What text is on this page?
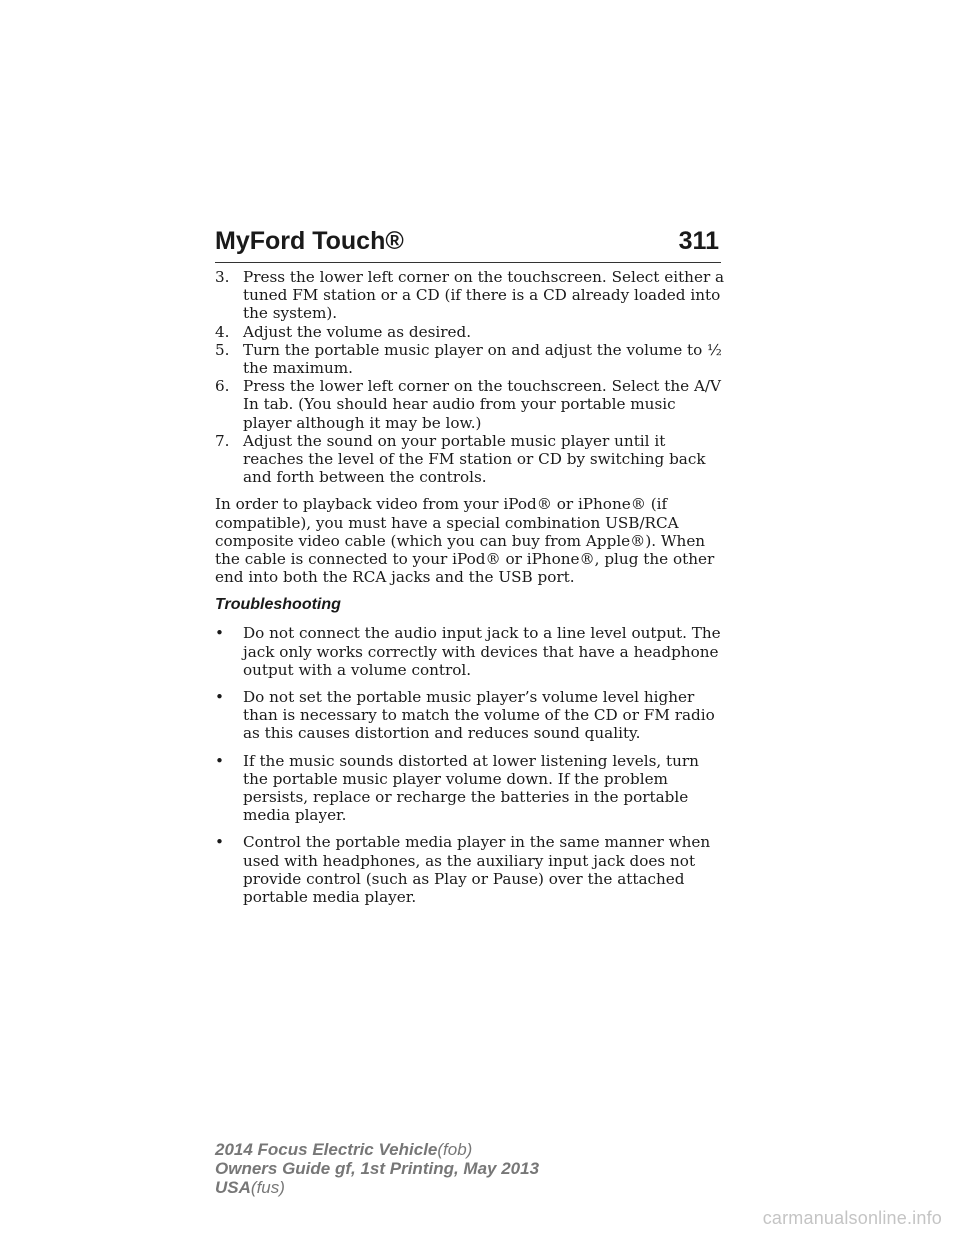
MyFord Touch®	311
3. Press the lower left corner on the touchscreen. Select either a tuned FM station or a CD (if there is a CD already loaded into the system).
4. Adjust the volume as desired.
5. Turn the portable music player on and adjust the volume to ½ the maximum.
6. Press the lower left corner on the touchscreen. Select the A/V In tab. (You should hear audio from your portable music player although it may be low.)
7. Adjust the sound on your portable music player until it reaches the level of the FM station or CD by switching back and forth between the controls.
In order to playback video from your iPod® or iPhone® (if compatible), you must have a special combination USB/RCA composite video cable (which you can buy from Apple®). When the cable is connected to your iPod® or iPhone®, plug the other end into both the RCA jacks and the USB port.
Troubleshooting
• Do not connect the audio input jack to a line level output. The jack only works correctly with devices that have a headphone output with a volume control.
• Do not set the portable music player’s volume level higher than is necessary to match the volume of the CD or FM radio as this causes distortion and reduces sound quality.
• If the music sounds distorted at lower listening levels, turn the portable music player volume down. If the problem persists, replace or recharge the batteries in the portable media player.
• Control the portable media player in the same manner when used with headphones, as the auxiliary input jack does not provide control (such as Play or Pause) over the attached portable media player.
2014 Focus Electric Vehicle(fob)
Owners Guide gf, 1st Printing, May 2013
USA(fus)
carmanualsonline.info
